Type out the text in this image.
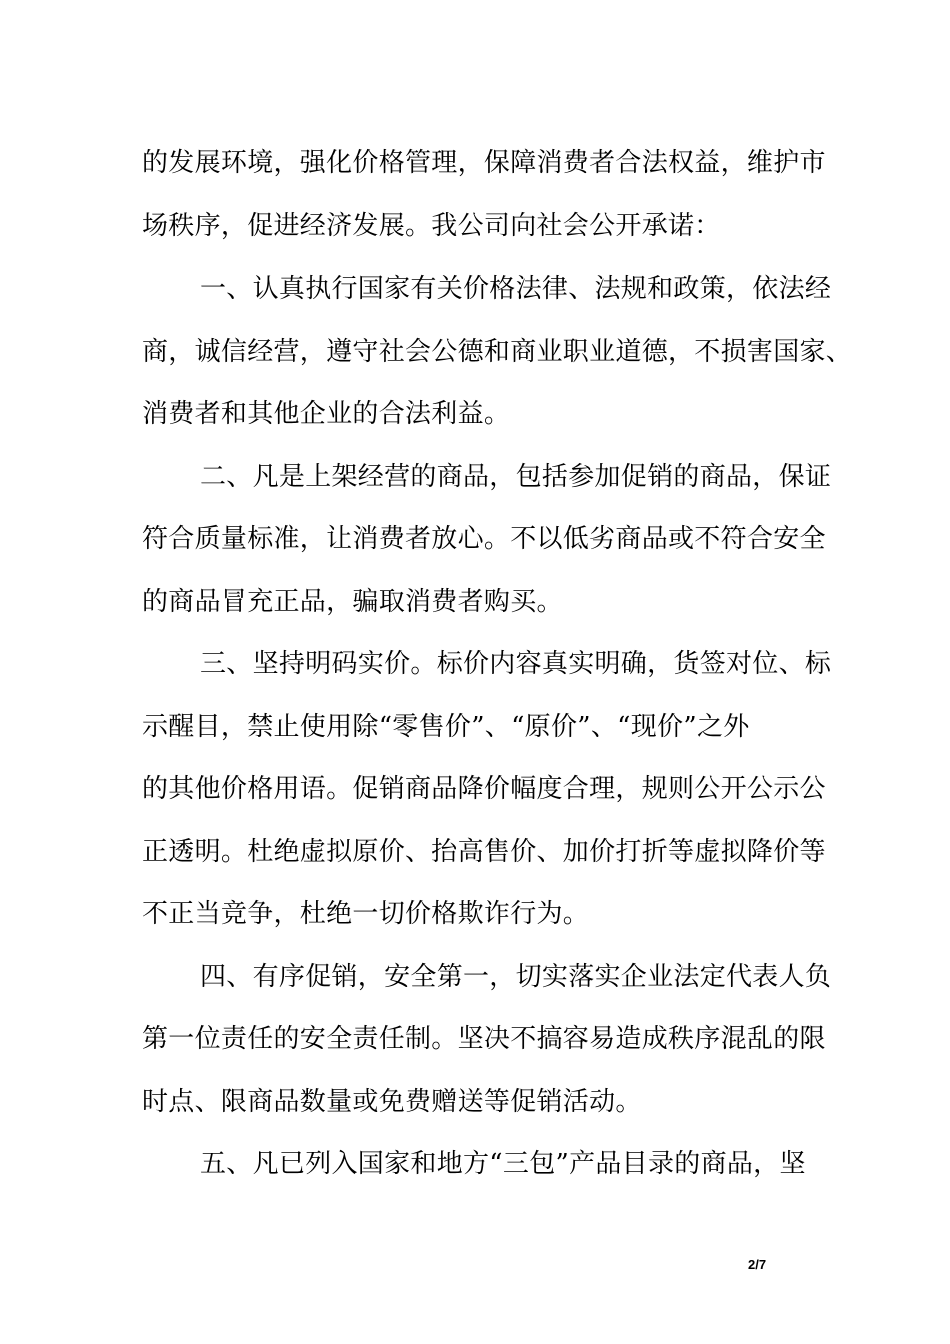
的发展环境，强化价格管理，保障消费者合法权益，维护市
场秩序，促进经济发展。我公司向社会公开承诺：
一、认真执行国家有关价格法律、法规和政策，依法经
商，诚信经营，遵守社会公德和商业职业道德，不损害国家、
消费者和其他企业的合法利益。
二、凡是上架经营的商品，包括参加促销的商品，保证
符合质量标准，让消费者放心。不以低劣商品或不符合安全
的商品冒充正品，骗取消费者购买。
三、坚持明码实价。标价内容真实明确，货签对位、标
示醒目，禁止使用除“零售价”、“原价”、“现价”之外
的其他价格用语。促销商品降价幅度合理，规则公开公示公
正透明。杜绝虚拟原价、抬高售价、加价打折等虚拟降价等
不正当竞争，杜绝一切价格欺诈行为。
四、有序促销，安全第一，切实落实企业法定代表人负
第一位责任的安全责任制。坚决不搞容易造成秩序混乱的限
时点、限商品数量或免费赠送等促销活动。
五、凡已列入国家和地方“三包”产品目录的商品，坚
2/7
